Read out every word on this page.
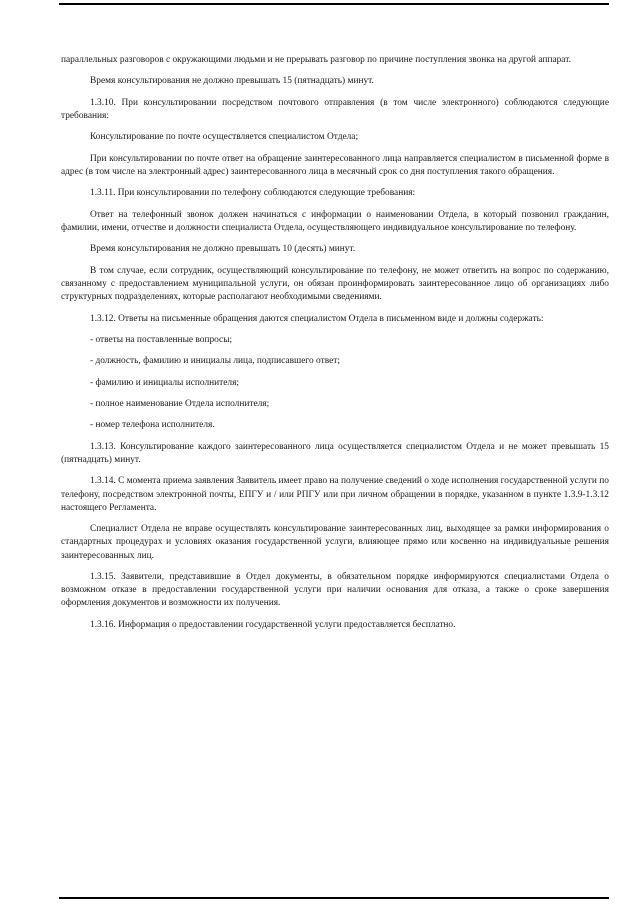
параллельных разговоров с окружающими людьми и не прерывать разговор по причине поступления звонка на другой аппарат.

Время консультирования не должно превышать 15 (пятнадцать) минут.

1.3.10. При консультировании посредством почтового отправления (в том числе электронного) соблюдаются следующие требования:

Консультирование по почте осуществляется специалистом Отдела;

При консультировании по почте ответ на обращение заинтересованного лица направляется специалистом в письменной форме в адрес (в том числе на электронный адрес) заинтересованного лица в месячный срок со дня поступления такого обращения.

1.3.11. При консультировании по телефону соблюдаются следующие требования:

Ответ на телефонный звонок должен начинаться с информации о наименовании Отдела, в который позвонил гражданин, фамилии, имени, отчестве и должности специалиста Отдела, осуществляющего индивидуальное консультирование по телефону.

Время консультирования не должно превышать 10 (десять) минут.

В том случае, если сотрудник, осуществляющий консультирование по телефону, не может ответить на вопрос по содержанию, связанному с предоставлением муниципальной услуги, он обязан проинформировать заинтересованное лицо об организациях либо структурных подразделениях, которые располагают необходимыми сведениями.

1.3.12. Ответы на письменные обращения даются специалистом Отдела в письменном виде и должны содержать:

- ответы на поставленные вопросы;

- должность, фамилию и инициалы лица, подписавшего ответ;

- фамилию и инициалы исполнителя;

- полное наименование Отдела исполнителя;

- номер телефона исполнителя.

1.3.13. Консультирование каждого заинтересованного лица осуществляется специалистом Отдела и не может превышать 15 (пятнадцать) минут.

1.3.14. С момента приема заявления Заявитель имеет право на получение сведений о ходе исполнения государственной услуги по телефону, посредством электронной почты, ЕПГУ и / или РПГУ или при личном обращении в порядке, указанном в пункте 1.3.9-1.3.12 настоящего Регламента.

Специалист Отдела не вправе осуществлять консультирование заинтересованных лиц, выходящее за рамки информирования о стандартных процедурах и условиях оказания государственной услуги, влияющее прямо или косвенно на индивидуальные решения заинтересованных лиц.

1.3.15. Заявители, представившие в Отдел документы, в обязательном порядке информируются специалистами Отдела о возможном отказе в предоставлении государственной услуги при наличии основания для отказа, а также о сроке завершения оформления документов и возможности их получения.

1.3.16. Информация о предоставлении государственной услуги предоставляется бесплатно.
